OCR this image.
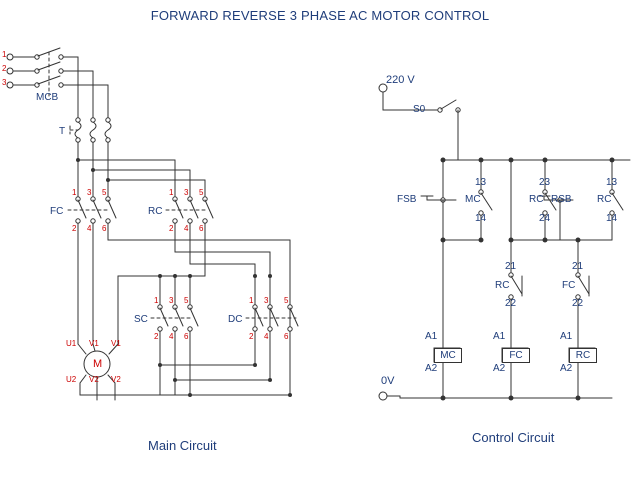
FORWARD REVERSE 3 PHASE AC MOTOR CONTROL
1
2
3
MCB
T
FC
1 3 5
2 4 6
RC
1 3 5
2 4 6
SC
1 3 5
2 4 6
DC
1 3 5
2 4 6
U1 V1 V1
U2 V2 V2
M
220 V
0V
S0
FSB	MC
13
14
RC
23
24
RSB	RC
13
14
RC
21
22
FC
21
22
A1
MC
A2
A1
FC
A2
A1
RC
A2
Main Circuit
Control Circuit
